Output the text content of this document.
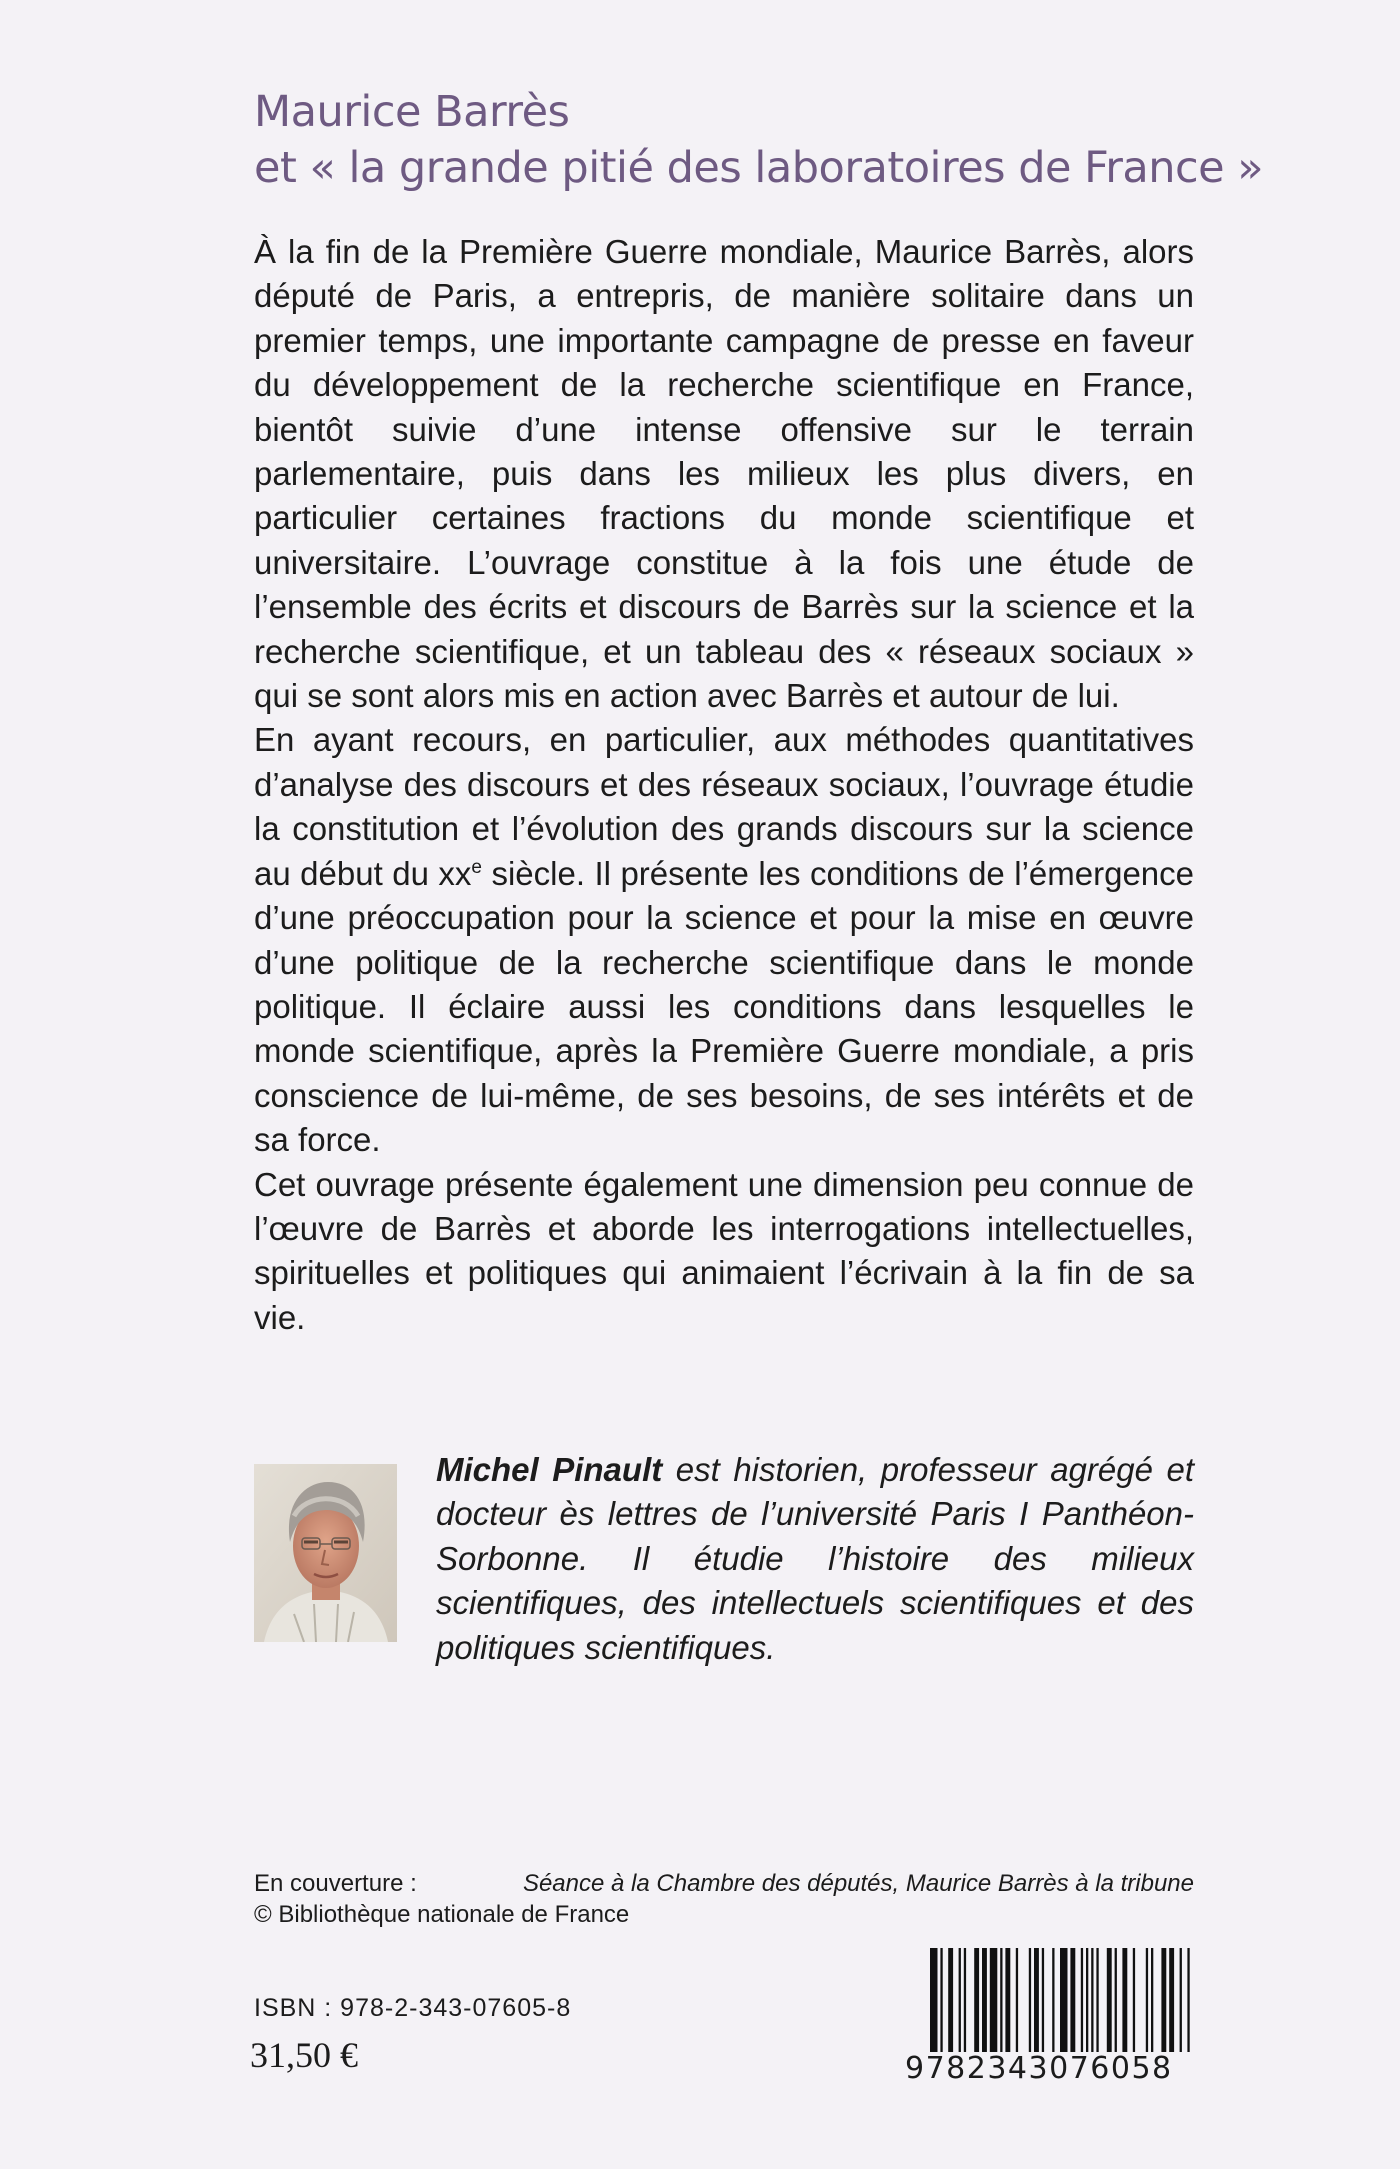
Maurice Barrès
et « la grande pitié des laboratoires de France »

À la fin de la Première Guerre mondiale, Maurice Barrès, alors député de Paris, a entrepris, de manière solitaire dans un premier temps, une importante campagne de presse en faveur du développement de la recherche scientifique en France, bientôt suivie d’une intense offensive sur le terrain parlementaire, puis dans les milieux les plus divers, en particulier certaines fractions du monde scientifique et universitaire. L’ouvrage constitue à la fois une étude de l’ensemble des écrits et discours de Barrès sur la science et la recherche scientifique, et un tableau des « réseaux sociaux » qui se sont alors mis en action avec Barrès et autour de lui.

En ayant recours, en particulier, aux méthodes quantitatives d’analyse des discours et des réseaux sociaux, l’ouvrage étudie la constitution et l’évolution des grands discours sur la science au début du $xx^e$ siècle. Il présente les conditions de l’émergence d’une préoccupation pour la science et pour la mise en œuvre d’une politique de la recherche scientifique dans le monde politique. Il éclaire aussi les conditions dans lesquelles le monde scientifique, après la Première Guerre mondiale, a pris conscience de lui-même, de ses besoins, de ses intérêts et de sa force.

Cet ouvrage présente également une dimension peu connue de l’œuvre de Barrès et aborde les interrogations intellectuelles, spirituelles et politiques qui animaient l’écrivain à la fin de sa vie.

Michel Pinault est historien, professeur agrégé et docteur ès lettres de l’université Paris I Panthéon-Sorbonne. Il étudie l’histoire des milieux scientifiques, des intellectuels scientifiques et des politiques scientifiques.
En couverture :	Séance à la Chambre des députés, Maurice Barrès à la tribune
© Bibliothèque nationale de France
ISBN : 978-2-343-07605-8
31,50 €	9782343076058
